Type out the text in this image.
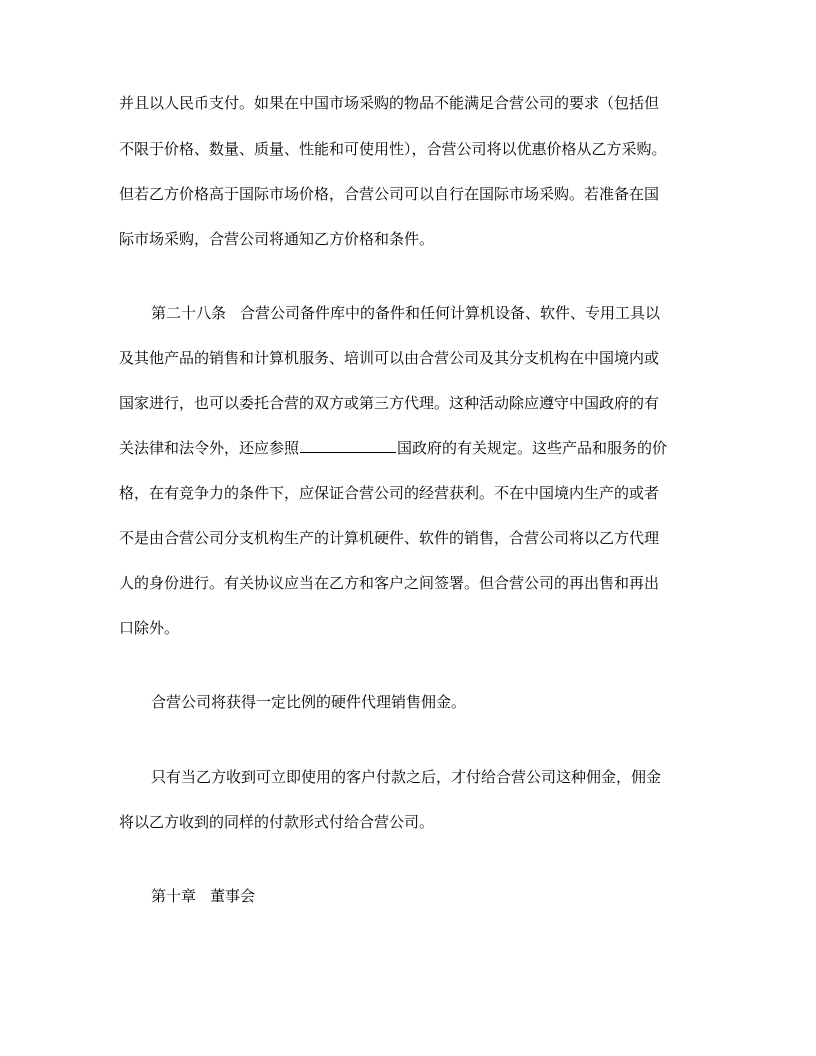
并且以人民币支付。如果在中国市场采购的物品不能满足合营公司的要求（包括但
不限于价格、数量、质量、性能和可使用性），合营公司将以优惠价格从乙方采购。
但若乙方价格高于国际市场价格，合营公司可以自行在国际市场采购。若准备在国
际市场采购，合营公司将通知乙方价格和条件。
第二十八条 合营公司备件库中的备件和任何计算机设备、软件、专用工具以
及其他产品的销售和计算机服务、培训可以由合营公司及其分支机构在中国境内或
国家进行，也可以委托合营的双方或第三方代理。这种活动除应遵守中国政府的有
关法律和法令外，还应参照	国政府的有关规定。这些产品和服务的价
格，在有竞争力的条件下，应保证合营公司的经营获利。不在中国境内生产的或者
不是由合营公司分支机构生产的计算机硬件、软件的销售，合营公司将以乙方代理
人的身份进行。有关协议应当在乙方和客户之间签署。但合营公司的再出售和再出
口除外。
合营公司将获得一定比例的硬件代理销售佣金。
只有当乙方收到可立即使用的客户付款之后，才付给合营公司这种佣金，佣金
将以乙方收到的同样的付款形式付给合营公司。
第十章 董事会
